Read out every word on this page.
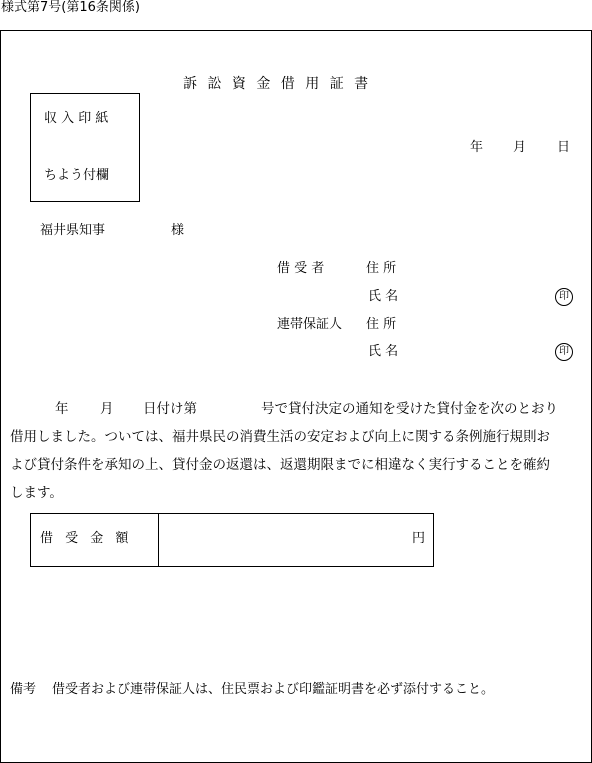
様式第7号(第16条関係)
訴 訟 資 金 借 用 証 書
収 入 印 紙
ちよう付欄
年 月 日
福井県知事	様
借 受 者	住 所
氏 名	印
連帯保証人 住 所
氏 名	印
年 月 日付け第	号で貸付決定の通知を受けた貸付金を次のとおり
借用しました。ついては、福井県民の消費生活の安定および向上に関する条例施行規則お
よび貸付条件を承知の上、貸付金の返還は、返還期限までに相違なく実行することを確約
します。
借 受 金 額	円
備考 借受者および連帯保証人は、住民票および印鑑証明書を必ず添付すること。
